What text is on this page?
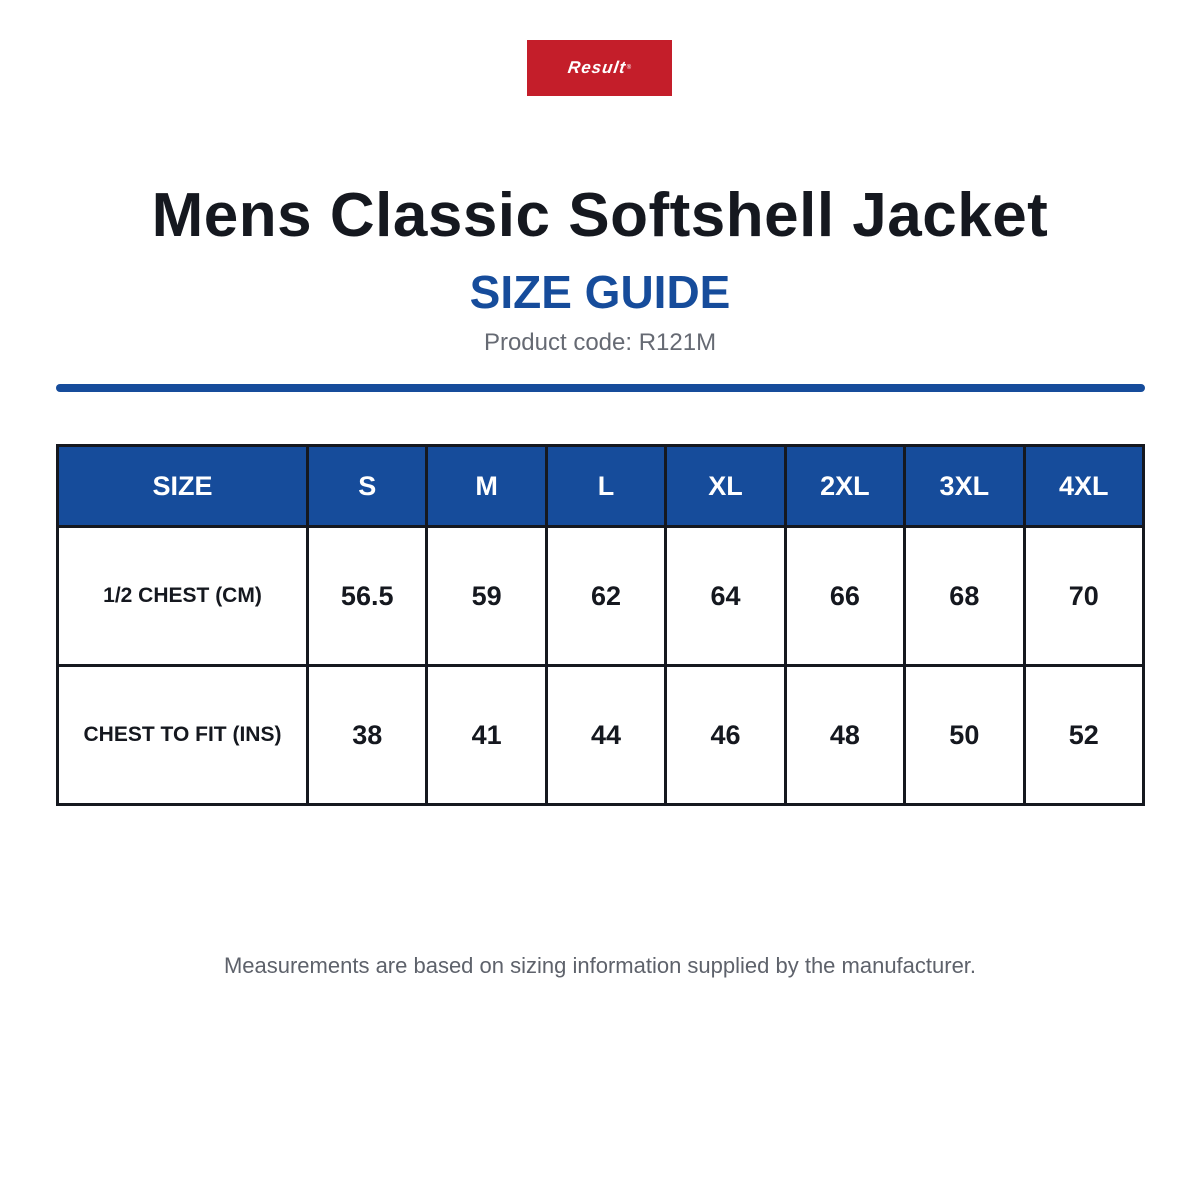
Result ®
Mens Classic Softshell Jacket
SIZE GUIDE
Product code: R121M
SIZE	S	M	L	XL	2XL	3XL	4XL
1/2 CHEST (CM)	56.5	59	62	64	66	68	70
CHEST TO FIT (INS)	38	41	44	46	48	50	52
Measurements are based on sizing information supplied by the manufacturer.
